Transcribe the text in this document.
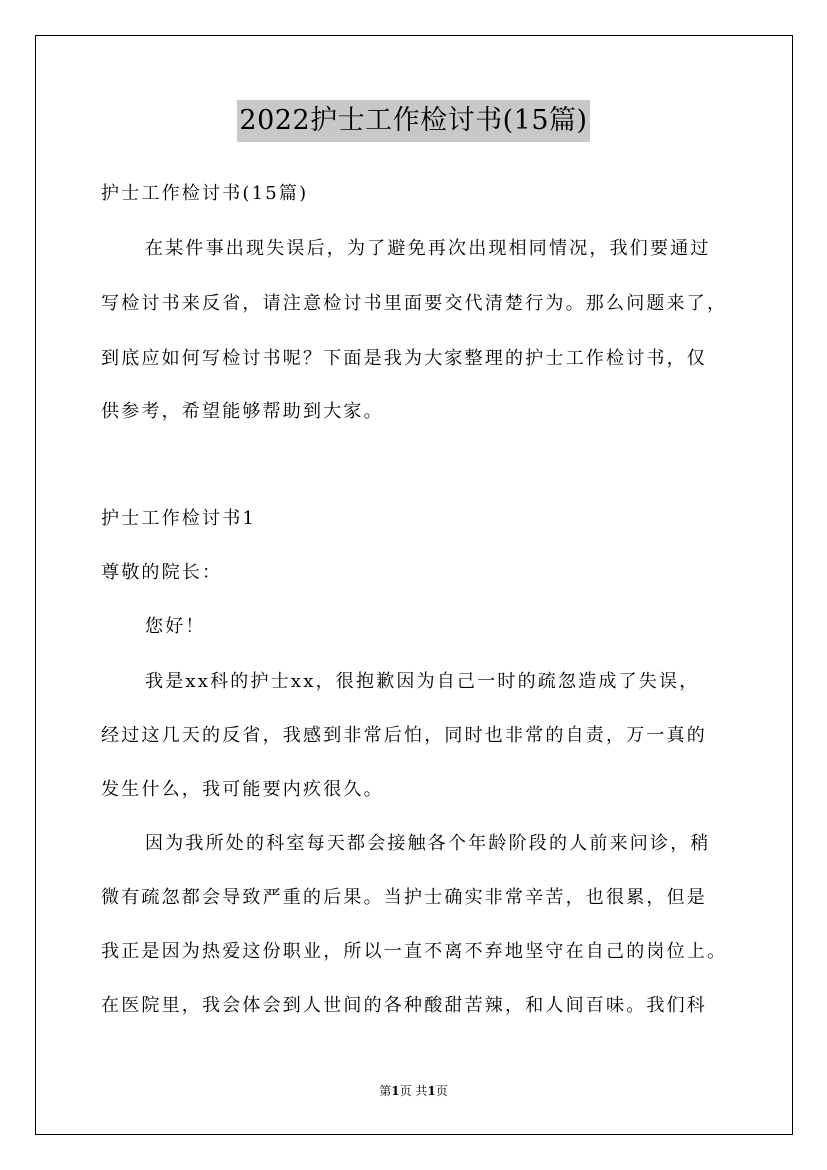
2022护士工作检讨书(15篇)
护士工作检讨书(15篇)
在某件事出现失误后，为了避免再次出现相同情况，我们要通过
写检讨书来反省，请注意检讨书里面要交代清楚行为。那么问题来了，
到底应如何写检讨书呢？下面是我为大家整理的护士工作检讨书，仅
供参考，希望能够帮助到大家。
护士工作检讨书1
尊敬的院长：
您好！
我是xx科的护士xx，很抱歉因为自己一时的疏忽造成了失误，
经过这几天的反省，我感到非常后怕，同时也非常的自责，万一真的
发生什么，我可能要内疚很久。
因为我所处的科室每天都会接触各个年龄阶段的人前来问诊，稍
微有疏忽都会导致严重的后果。当护士确实非常辛苦，也很累，但是
我正是因为热爱这份职业，所以一直不离不弃地坚守在自己的岗位上。
在医院里，我会体会到人世间的各种酸甜苦辣，和人间百味。我们科
第1页 共1页
